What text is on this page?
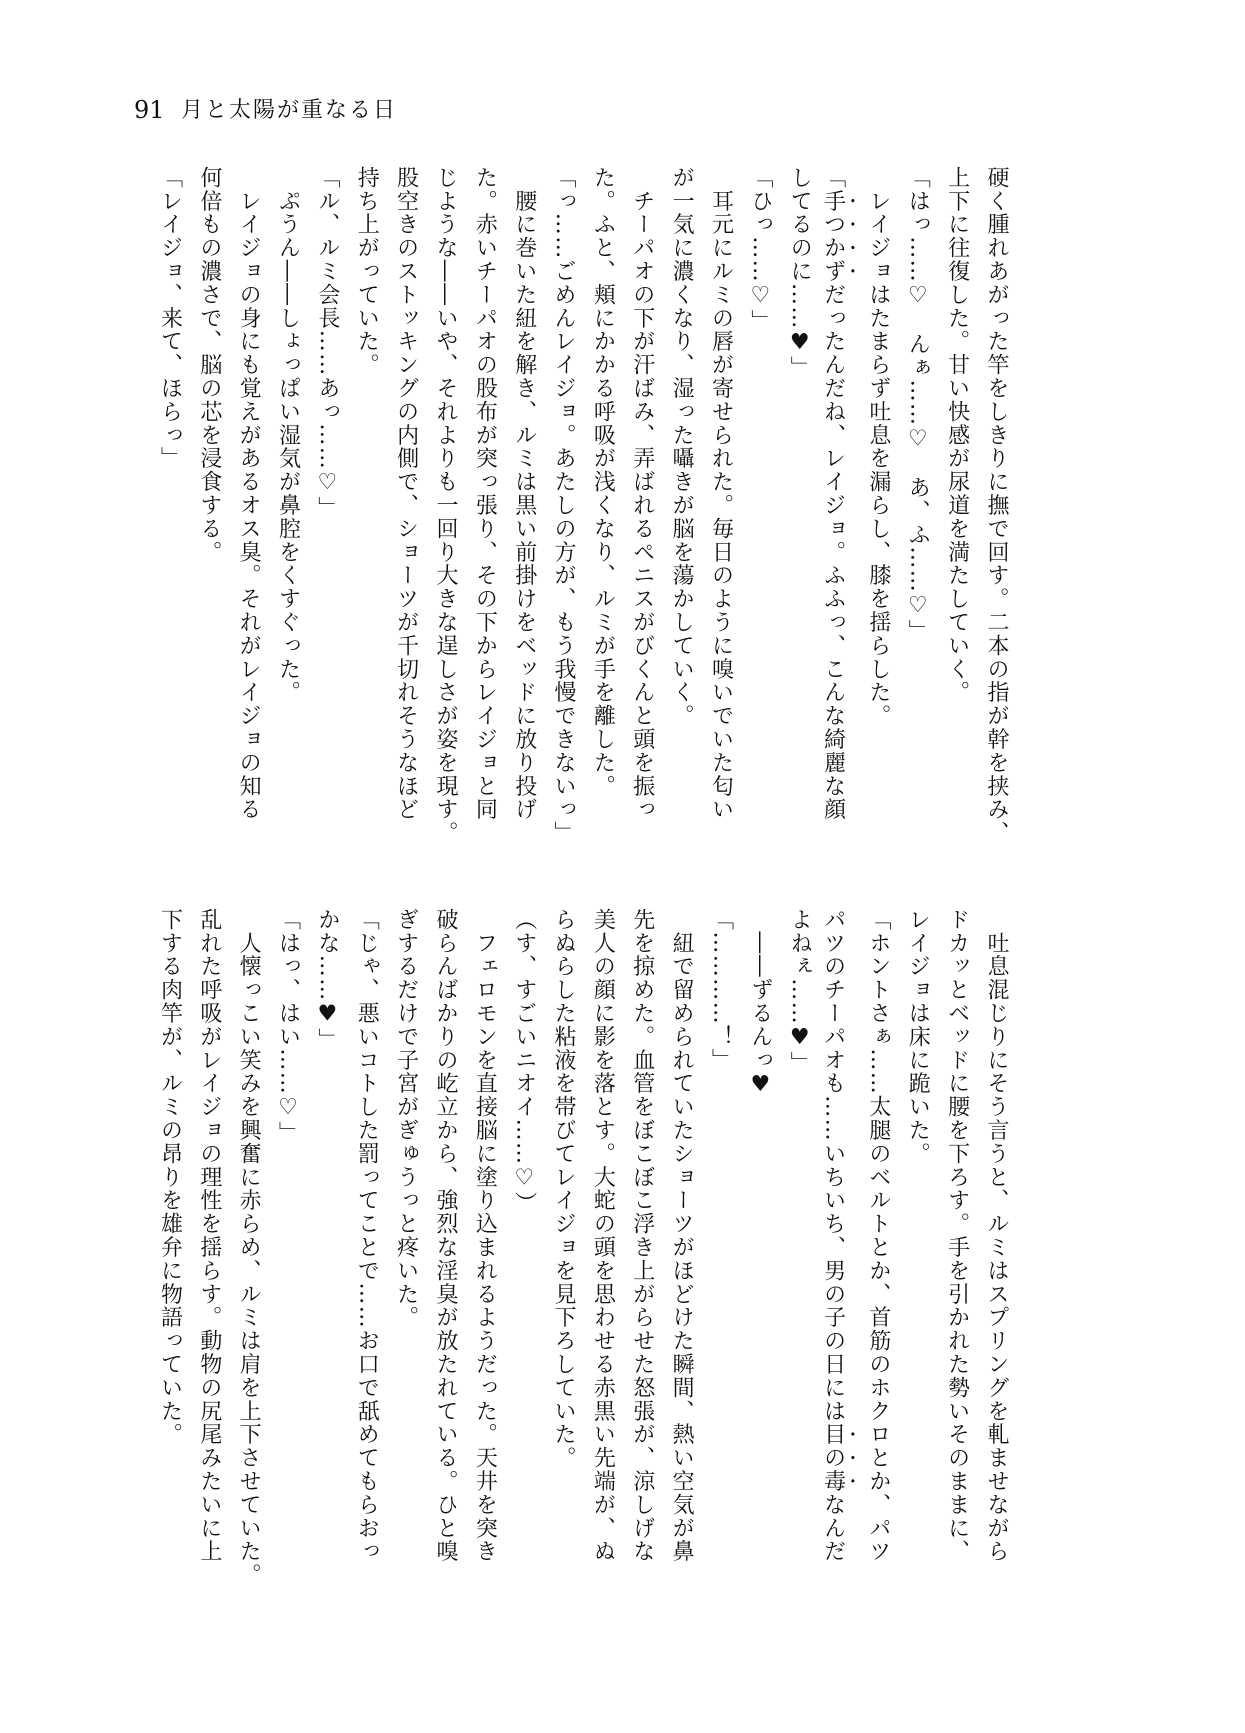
91 月と太陽が重なる日
硬く腫れあがった竿をしきりに撫で回す。二本の指が幹を挟み、
上下に往復した。甘い快感が尿道を満たしていく。
「はっ……♡　んぁ……♡　あ、ふ……♡」
　レイジョはたまらず吐息を漏らし、膝を揺らした。
「手つかずだったんだね、レイジョ。ふふっ、こんな綺麗な顔
してるのに……♥」
「ひっ……♡」
　耳元にルミの唇が寄せられた。毎日のように嗅いでいた匂い
が一気に濃くなり、湿った囁きが脳を蕩かしていく。
　チーパオの下が汗ばみ、弄ばれるペニスがびくんと頭を振っ
た。ふと、頬にかかる呼吸が浅くなり、ルミが手を離した。
「っ……ごめんレイジョ。あたしの方が、もう我慢できないっ」
　腰に巻いた紐を解き、ルミは黒い前掛けをベッドに放り投げ
た。赤いチーパオの股布が突っ張り、その下からレイジョと同
じような――いや、それよりも一回り大きな逞しさが姿を現す。
股空きのストッキングの内側で、ショーツが千切れそうなほど
持ち上がっていた。
「ル、ルミ会長……あっ……♡」
　ぷうん――しょっぱい湿気が鼻腔をくすぐった。
　レイジョの身にも覚えがあるオス臭。それがレイジョの知る
何倍もの濃さで、脳の芯を浸食する。
「レイジョ、来て、ほらっ」
　吐息混じりにそう言うと、ルミはスプリングを軋ませながら
ドカッとベッドに腰を下ろす。手を引かれた勢いそのままに、
レイジョは床に跪いた。
「ホントさぁ……太腿のベルトとか、首筋のホクロとか、パツ
パツのチーパオも……いちいち、男の子の日には目の毒なんだ
よねぇ……♥」
　――ずるんっ♥
「…………！」
　紐で留められていたショーツがほどけた瞬間、熱い空気が鼻
先を掠めた。血管をぼこぼこ浮き上がらせた怒張が、涼しげな
美人の顔に影を落とす。大蛇の頭を思わせる赤黒い先端が、ぬ
らぬらした粘液を帯びてレイジョを見下ろしていた。
（す、すごいニオイ……♡）
　フェロモンを直接脳に塗り込まれるようだった。天井を突き
破らんばかりの屹立から、強烈な淫臭が放たれている。ひと嗅
ぎするだけで子宮がぎゅうっと疼いた。
「じゃ、悪いコトした罰ってことで……お口で舐めてもらおっ
かな……♥」
「はっ、はい……♡」
　人懐っこい笑みを興奮に赤らめ、ルミは肩を上下させていた。
乱れた呼吸がレイジョの理性を揺らす。動物の尻尾みたいに上
下する肉竿が、ルミの昂りを雄弁に物語っていた。
